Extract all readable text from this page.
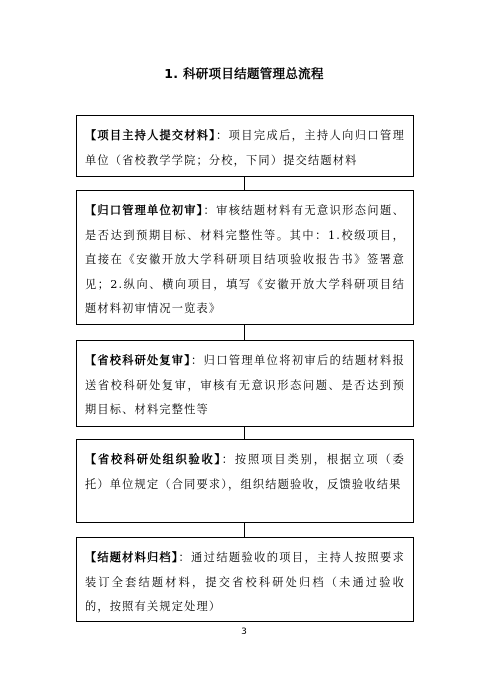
1. 科研项目结题管理总流程
【项目主持人提交材料】：项目完成后，主持人向归口管理单位（省校教学学院；分校，下同）提交结题材料
【归口管理单位初审】：审核结题材料有无意识形态问题、是否达到预期目标、材料完整性等。其中：1.校级项目，直接在《安徽开放大学科研项目结项验收报告书》签署意见；2.纵向、横向项目，填写《安徽开放大学科研项目结题材料初审情况一览表》
【省校科研处复审】：归口管理单位将初审后的结题材料报送省校科研处复审，审核有无意识形态问题、是否达到预期目标、材料完整性等
【省校科研处组织验收】：按照项目类别，根据立项（委托）单位规定（合同要求），组织结题验收，反馈验收结果
【结题材料归档】：通过结题验收的项目，主持人按照要求装订全套结题材料，提交省校科研处归档（未通过验收的，按照有关规定处理）
3
